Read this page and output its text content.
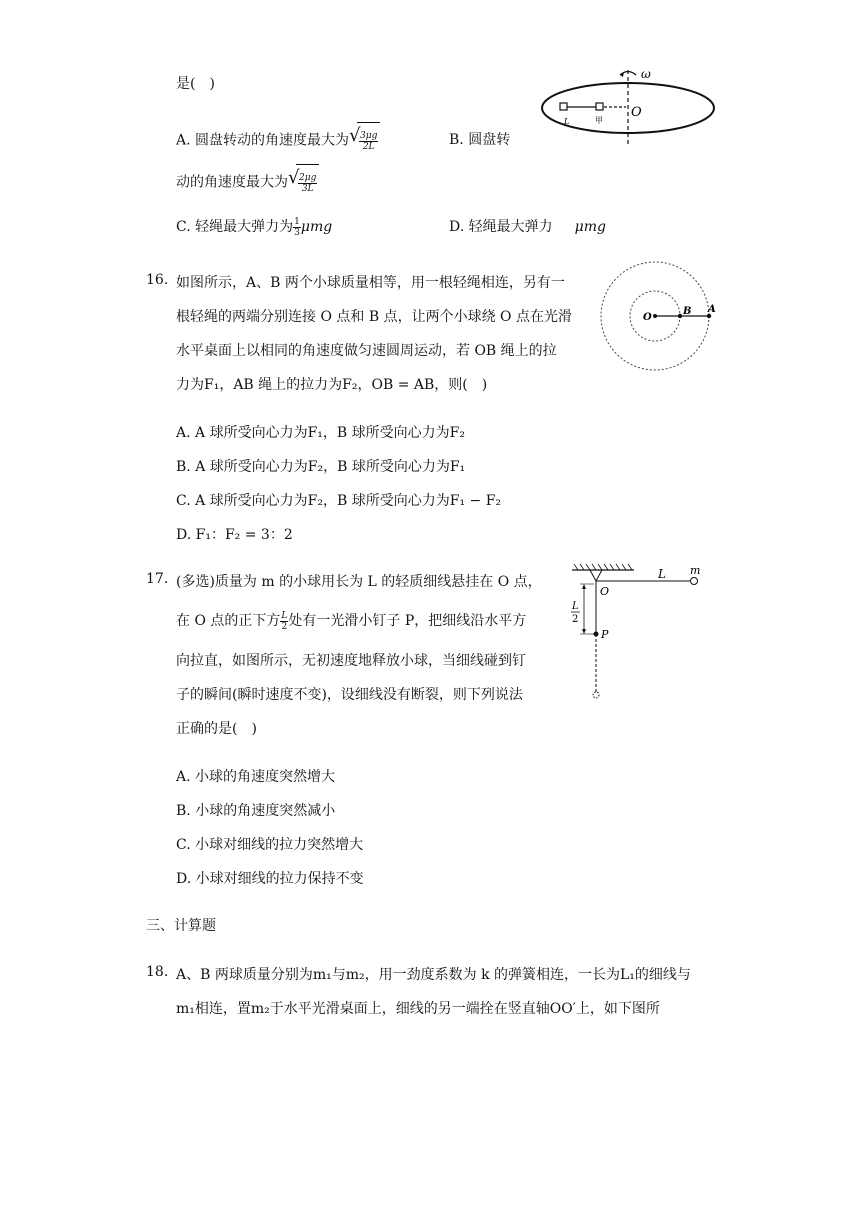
是(　)
ω
O
L	甲
A. 圆盘转动的角速度最大为 √
$\frac{3\mu g}{2L}$	B. 圆盘转
动的角速度最大为 √
$\frac{2\mu g}{3L}$
C. 轻绳最大弹力为 $\frac{1}{3}$ μmg	D. 轻绳最大弹力 μmg
16. 如图所示，A、B 两个小球质量相等，用一根轻绳相连，另有一
根轻绳的两端分别连接 O 点和 B 点，让两个小球绕 O 点在光滑
水平桌面上以相同的角速度做匀速圆周运动，若 OB 绳上的拉
力为F₁，AB 绳上的拉力为F₂，OB = AB，则(　)
O
B A
A. A 球所受向心力为F₁，B 球所受向心力为F₂
B. A 球所受向心力为F₂，B 球所受向心力为F₁
C. A 球所受向心力为F₂，B 球所受向心力为F₁ − F₂
D. F₁：F₂ = 3：2
17. (多选)质量为 m 的小球用长为 L 的轻质细线悬挂在 O 点，
在 O 点的正下方 $\frac{L}{2}$ 处有一光滑小钉子 P，把细线沿水平方
向拉直，如图所示，无初速度地释放小球，当细线碰到钉
子的瞬间(瞬时速度不变)，设细线没有断裂，则下列说法
正确的是(　)
L m
O
P
L
2
A. 小球的角速度突然增大
B. 小球的角速度突然减小
C. 小球对细线的拉力突然增大
D. 小球对细线的拉力保持不变
三、计算题
18. A、B 两球质量分别为m₁与m₂，用一劲度系数为 k 的弹簧相连，一长为L₁的细线与
m₁相连，置m₂于水平光滑桌面上，细线的另一端拴在竖直轴OO′上，如下图所
